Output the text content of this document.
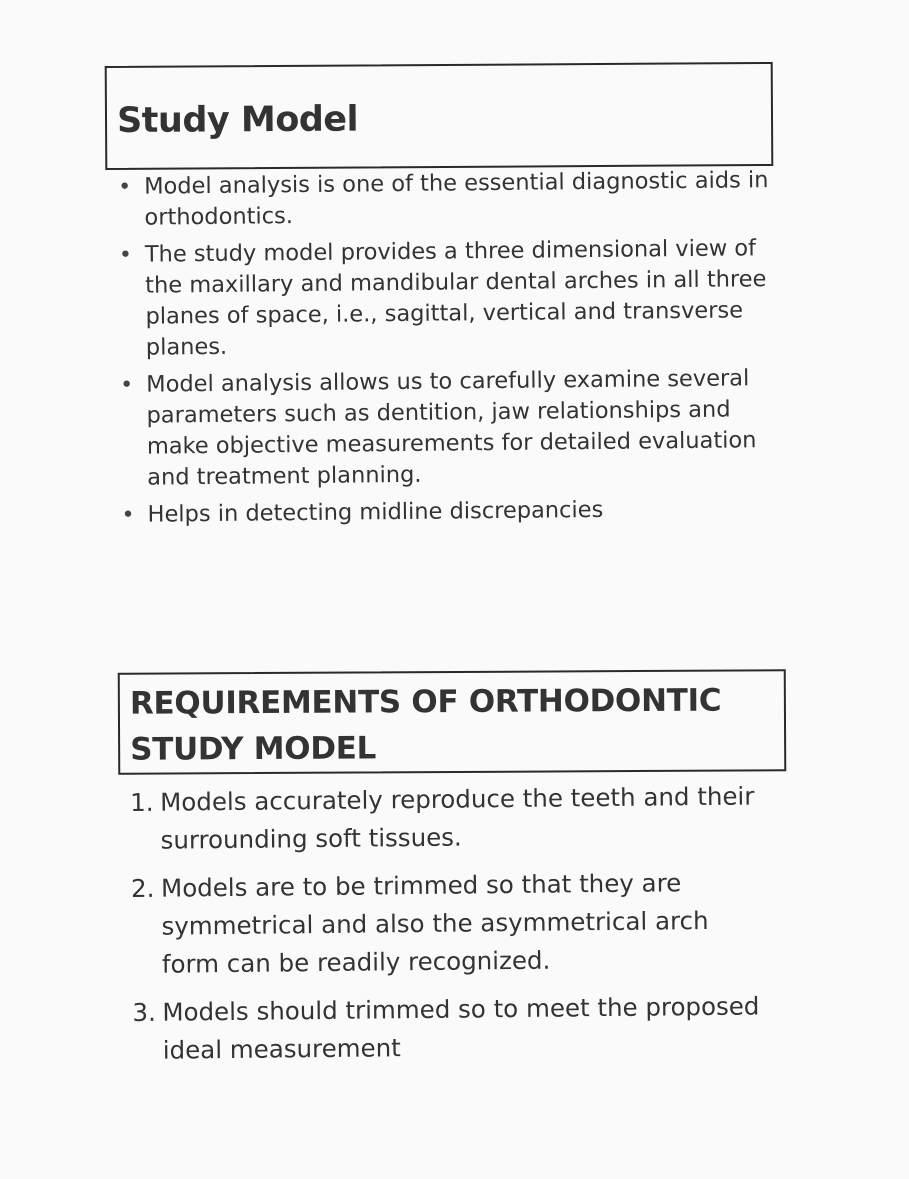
Study Model
• Model analysis is one of the essential diagnostic aids in orthodontics.
• The study model provides a three dimensional view of the maxillary and mandibular dental arches in all three planes of space, i.e., sagittal, vertical and transverse planes.
• Model analysis allows us to carefully examine several parameters such as dentition, jaw relationships and make objective measurements for detailed evaluation and treatment planning.
• Helps in detecting midline discrepancies
REQUIREMENTS OF ORTHODONTIC
STUDY MODEL
1. Models accurately reproduce the teeth and their surrounding soft tissues.
2. Models are to be trimmed so that they are symmetrical and also the asymmetrical arch form can be readily recognized.
3. Models should trimmed so to meet the proposed ideal measurement
